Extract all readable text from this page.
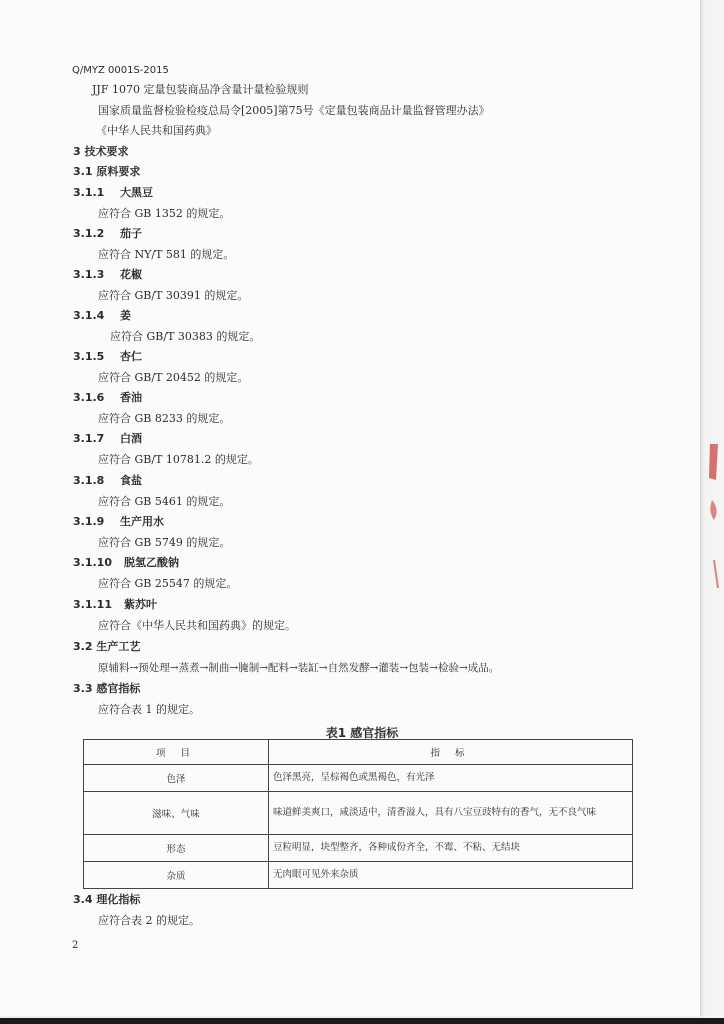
Q/MYZ 0001S-2015
JJF 1070 定量包装商品净含量计量检验规则
国家质量监督检验检疫总局令[2005]第75号《定量包装商品计量监督管理办法》
《中华人民共和国药典》
3 技术要求
3.1 原料要求
3.1.1 大黑豆
应符合 GB 1352 的规定。
3.1.2 茄子
应符合 NY/T 581 的规定。
3.1.3 花椒
应符合 GB/T 30391 的规定。
3.1.4 姜
应符合 GB/T 30383 的规定。
3.1.5 杏仁
应符合 GB/T 20452 的规定。
3.1.6 香油
应符合 GB 8233 的规定。
3.1.7 白酒
应符合 GB/T 10781.2 的规定。
3.1.8 食盐
应符合 GB 5461 的规定。
3.1.9 生产用水
应符合 GB 5749 的规定。
3.1.10 脱氢乙酸钠
应符合 GB 25547 的规定。
3.1.11 紫苏叶
应符合《中华人民共和国药典》的规定。
3.2 生产工艺
原辅料→预处理→蒸煮→制曲→腌制→配料→装缸→自然发酵→灌装→包装→检验→成品。
3.3 感官指标
应符合表 1 的规定。
表1 感官指标
项 目	指 标
色泽	色泽黑亮，呈棕褐色或黑褐色，有光泽
滋味、气味	味道鲜美爽口，咸淡适中，清香溢人，具有八宝豆豉特有的香气，无不良气味
形态	豆粒明显，块型整齐，各种成份齐全，不霉、不粘、无结块
杂质	无肉眼可见外来杂质
3.4 理化指标
应符合表 2 的规定。
2
